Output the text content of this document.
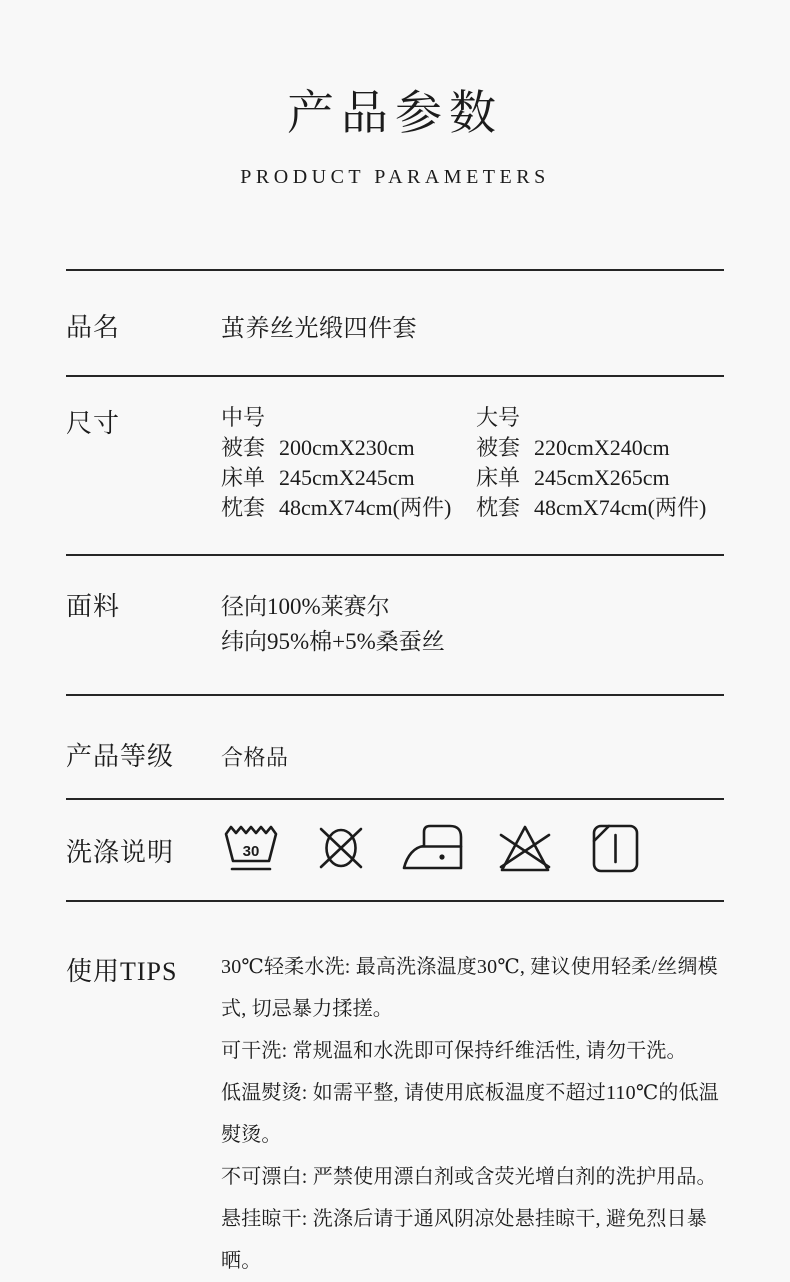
产品参数
PRODUCT PARAMETERS
品名	茧养丝光缎四件套
尺寸	中号
被套 200cmX230cm
床单 245cmX245cm
枕套 48cmX74cm(两件)
大号
被套 220cmX240cm
床单 245cmX265cm
枕套 48cmX74cm(两件)
面料	径向100%莱赛尔
纬向95%棉+5%桑蚕丝
产品等级	合格品
洗涤说明	30
使用TIPS	30℃轻柔水洗: 最高洗涤温度30℃, 建议使用轻柔/丝绸模式, 切忌暴力揉搓。
可干洗: 常规温和水洗即可保持纤维活性, 请勿干洗。
低温熨烫: 如需平整, 请使用底板温度不超过110℃的低温熨烫。
不可漂白: 严禁使用漂白剂或含荧光增白剂的洗护用品。
悬挂晾干: 洗涤后请于通风阴凉处悬挂晾干, 避免烈日暴晒。
